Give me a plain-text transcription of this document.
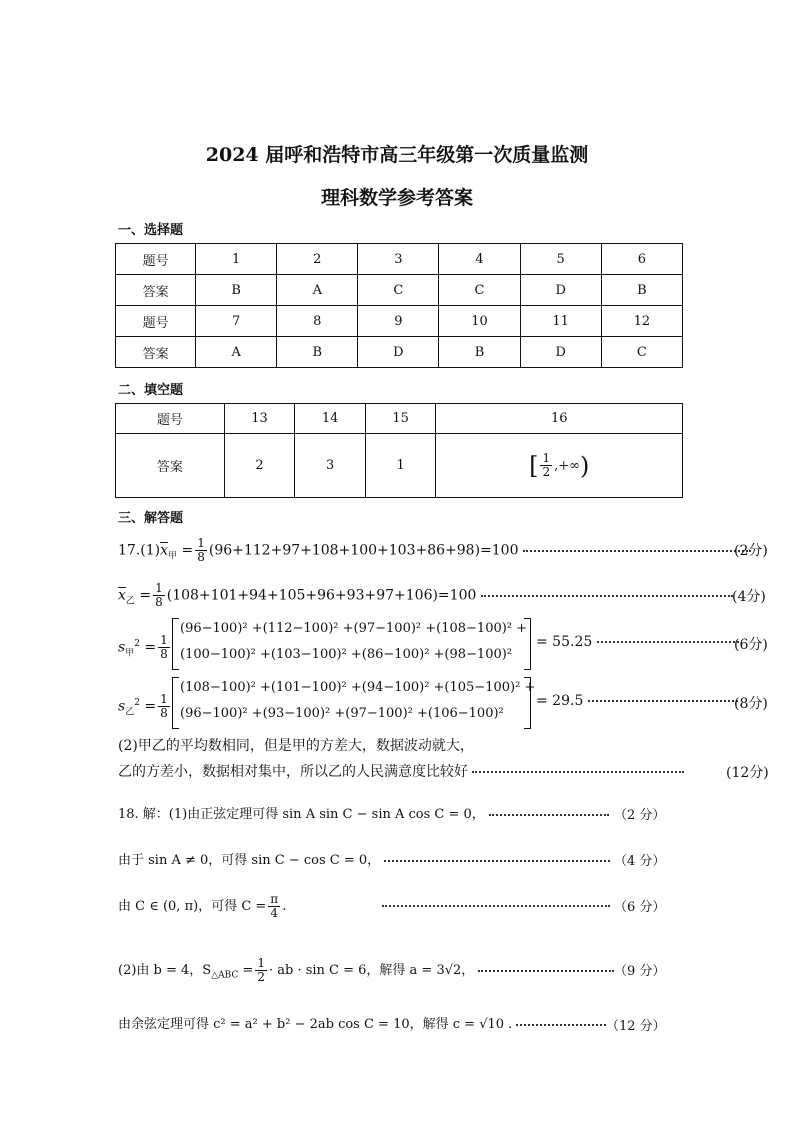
2024 届呼和浩特市高三年级第一次质量监测
理科数学参考答案
一、选择题
题号	1	2	3	4	5	6
答案	B	A	C	C	D	B
题号	7	8	9	10	11	12
答案	A	B	D	B	D	C
二、填空题
题号	13	14	15	16
答案	2	3	1	[ $\frac{1}{2}$ ,+∞)
三、解答题
$17.(1)\overline{x}_甲 = \frac{1}{8} (96+112+97+108+100+103+86+98)=100$	(2分)
$\overline{x}_乙 = \frac{1}{8} (108+101+94+105+96+93+97+106)=100$	(4分)
$s_甲^2 = \frac{1}{8}$
(96−100)² +(112−100)² +(97−100)² +(108−100)² +
(100−100)² +(103−100)² +(86−100)² +(98−100)²
= 55.25	(6分)
$s_乙^2 = \frac{1}{8}$
(108−100)² +(101−100)² +(94−100)² +(105−100)² +
(96−100)² +(93−100)² +(97−100)² +(106−100)²
= 29.5	(8分)
(2)甲乙的平均数相同，但是甲的方差大，数据波动就大，
乙的方差小，数据相对集中，所以乙的人民满意度比较好	(12分)
18. 解：(1)由正弦定理可得 sin A sin C − sin A cos C = 0，	（2 分）
由于 sin A ≠ 0，可得 sin C − cos C = 0，	（4 分）
由 C ∈ (0, π)，可得 $C = \frac{\pi}{4}$ .	（6 分）
(2)由 b = 4，$S_{\triangle ABC} = \frac{1}{2}$ · ab · sin C = 6，解得 a = 3√2，	（9 分）
由余弦定理可得 c² = a² + b² − 2ab cos C = 10，解得 c = √10 .	（12 分）
